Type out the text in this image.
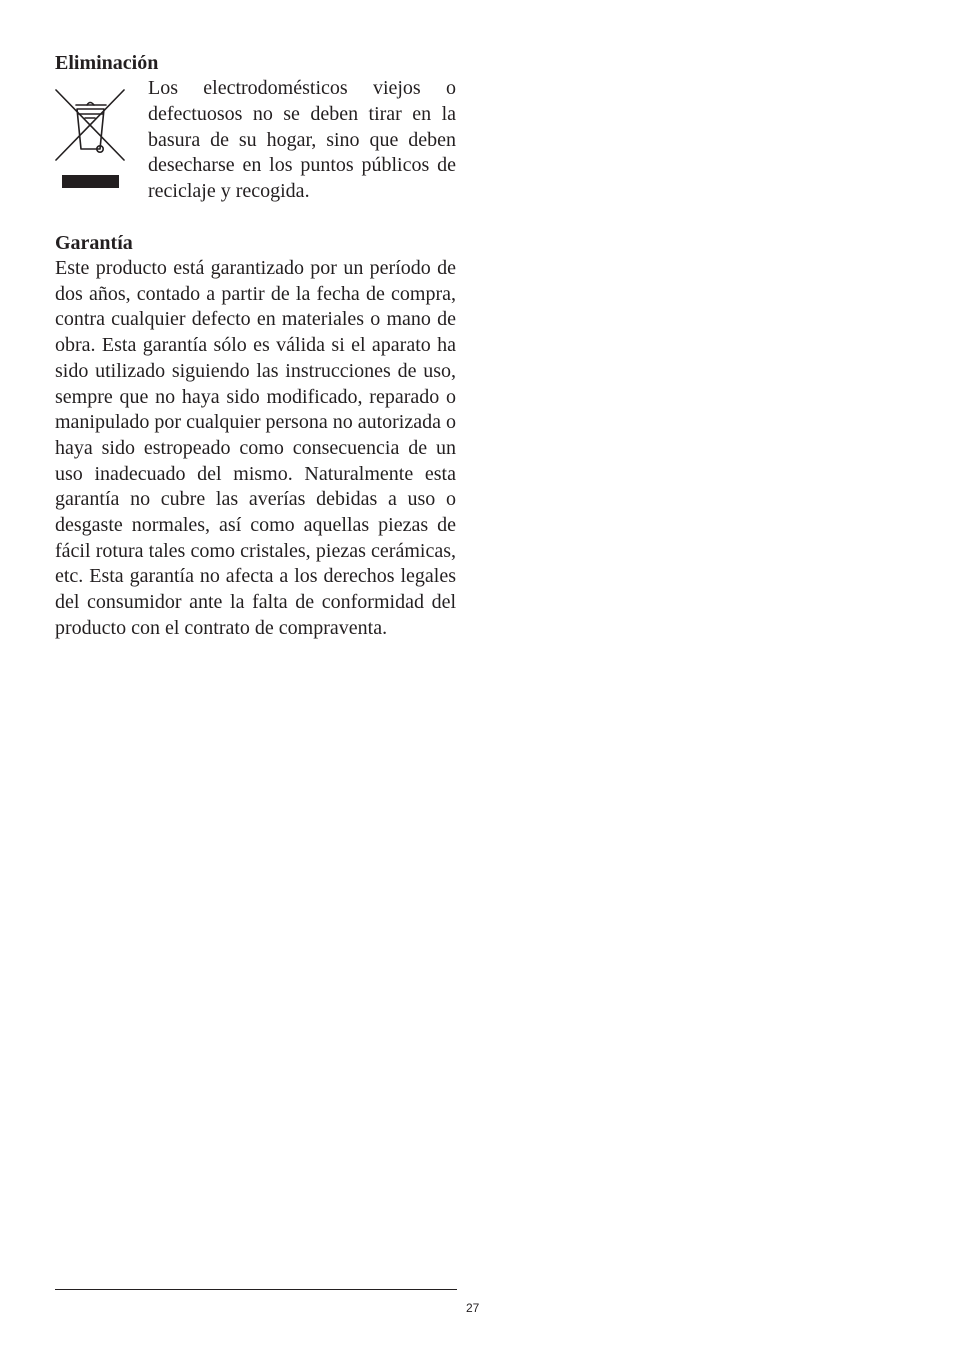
Eliminación

Los electrodomésticos viejos o defectuosos no se deben tirar en la basura de su hogar, sino que deben desecharse en los puntos públicos de reciclaje y recogida.

Garantía

Este producto está garantizado por un período de dos años, contado a partir de la fecha de compra, contra cualquier defecto en materiales o mano de obra. Esta garantía sólo es válida si el aparato ha sido utilizado siguiendo las instrucciones de uso, sempre que no haya sido modificado, reparado o manipulado por cualquier persona no autorizada o haya sido estropeado como consecuencia de un uso inadecuado del mismo. Naturalmente esta garantía no cubre las averías debidas a uso o desgaste normales, así como aquellas piezas de fácil rotura tales como cristales, piezas cerámicas, etc. Esta garantía no afecta a los derechos legales del consumidor ante la falta de conformidad del producto con el contrato de compraventa.

27
